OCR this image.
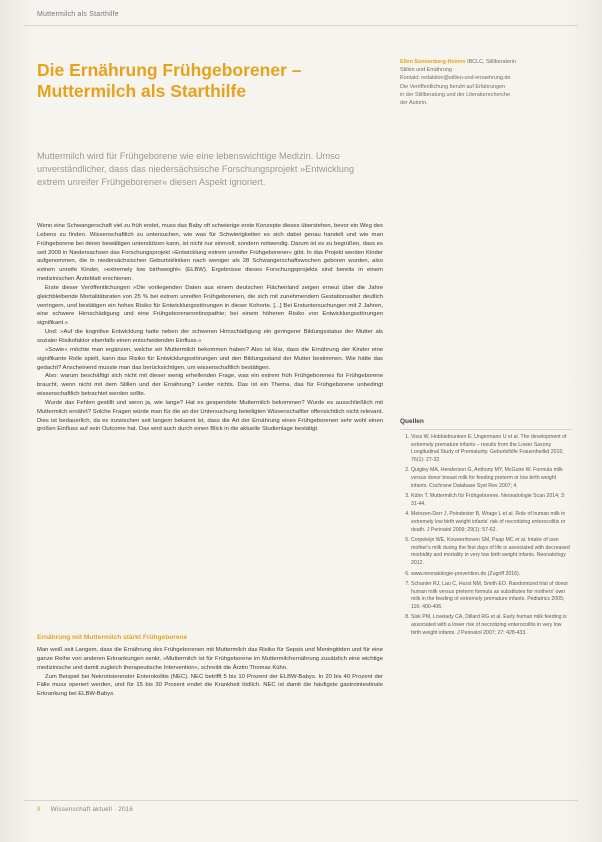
Muttermilch als Starthilfe
Die Ernährung Frühgeborener –
Muttermilch als Starthilfe
Muttermilch wird für Frühgeborene wie eine lebenswichtige Medizin. Umso unverständlicher, dass das niedersächsische Forschungsprojekt »Entwicklung extrem unreifer Frühgeborener« diesen Aspekt ignoriert.
Ellen Sonnenberg-Heinen IBCLC, Stillberaterin
Stillen und Ernährung
Kontakt: redaktion@stillen-und-ernaehrung.de
Die Veröffentlichung beruht auf Erfahrungen
in der Stillberatung und der Literaturrecherche
der Autorin.

Wenn eine Schwangerschaft viel zu früh endet, muss das Baby oft schwierige erste Konzepte dieses überstehen, bevor ein Weg des Lebens zu finden. Wissenschaftlich zu untersuchen, wie was für Schwierigkeiten es sich dabei genau handelt und wie man Frühgeborene bei deren bewältigen unterstützen kann, ist nicht nur sinnvoll, sondern notwendig. Darum ist es zu begrüßen, dass es seit 2009 in Niedersachsen das Forschungsprojekt »Entwicklung extrem unreifer Frühgeborener« gibt. In das Projekt werden Kinder aufgenommen, die in niedersächsischen Geburtskliniken nach weniger als 28 Schwangerschaftswochen geboren wurden, also extrem unreife Kinder, »extremely low birthweight« (ELBW). Ergebnisse dieses Forschungsprojekts sind bereits in einem medizinischen Ärzteblatt erschienen.

Erste dieser Veröffentlichungen »Die vorliegenden Daten aus einem deutschen Flächenland zeigen erneut über die Jahre gleichbleibende Mortalitätsraten von 25 % bei extrem unreifen Frühgeborenen, die sich mit zunehmendem Gestationsalter deutlich verringern, und bestätigen ein hohes Risiko für Entwicklungsstörungen in dieser Kohorte. [...] Bei Erstuntersuchungen mit 2 Jahren, eine schwere Hirnschädigung und eine Frühgeborenenretinopathie; bei einem höheren Risiko von Entwicklungsstörungen signifikant.«

Und: »Auf die kognitive Entwicklung hatte neben der schweren Hirnschädigung ein geringerer Bildungsstatus der Mutter als sozialer Risikofaktor ebenfalls einen entscheidenden Einfluss.«

»Sowie« möchte man ergänzen, welche wir Muttermilch bekommen haben? Also ist klar, dass die Ernährung der Kinder eine signifikante Rolle spielt, kann das Risiko für Entwicklungsstörungen und den Bildungsstand der Mutter bestimmen. Wie hätte das gedacht? Anscheinend musste man das berücksichtigen, um wissenschaftlich bestätigen.

Also: warum beschäftigt sich nicht mit dieser wenig erhellenden Frage, was ein extrem früh Frühgeborenes für Frühgeborene braucht, wenn nicht mit dem Stillen und der Ernährung? Leider nichts. Das ist ein Thema, das für Frühgeborene unbedingt wissenschaftlich betrachtet werden sollte.

Wurde das Fehlen gestillt und wenn ja, wie lange? Hat es gespendete Muttermilch bekommen? Wurde es ausschließlich mit Muttermilch ernährt? Solche Fragen würde man für die an der Untersuchung beteiligten Wissenschaftler offensichtlich nicht relevant. Dies ist bedauerlich, da es inzwischen seit langem bekannt ist, dass die Art der Ernährung eines Frühgeborenen sehr wohl einen großen Einfluss auf sein Outcome hat. Das wird auch durch einen Blick in die aktuelle Studienlage bestätigt.

Ernährung mit Muttermilch stärkt Frühgeborene

Man weiß seit Langem, dass die Ernährung des Frühgeborenen mit Muttermilch das Risiko für Sepsis und Meningitiden und für eine ganze Reihe von anderen Erkrankungen senkt. »Muttermilch ist für Frühgeborene im Muttermilchernährung zusätzlich eine wichtige medizinische und damit zugleich therapeutische Intervention«, schreibt die Ärztin Thomas Kühn.

Zum Beispiel bei Nekrotisierender Enterokolitis (NEC). NEC betrifft 5 bis 10 Prozent der ELBW-Babys. In 20 bis 40 Prozent der Fälle muss operiert werden, und für 15 bis 30 Prozent endet die Krankheit tödlich. NEC ist damit die häufigste gastrointestinale Erkrankung bei ELBW-Babys.

Quellen
1. Voss W, Hobbiebrunken E, Ungermann U et al. The development of extremely premature infants – results from the Lower Saxony Longitudinal Study of Prematurity. Geburtshilfe Frauenheilkd 2016; 76(1): 27-32.
2. Quigley MA, Henderson G, Anthony MY, McGuire W. Formula milk versus donor breast milk for feeding preterm or low birth weight infants. Cochrane Database Syst Rev 2007; 4.
3. Kühn T. Muttermilch für Frühgeborene. Neonatologie Scan 2014; 3: 31-44.
4. Meinzen-Derr J, Poindexter B, Wrage L et al. Role of human milk in extremely low birth weight infants' risk of necrotizing enterocolitis or death. J Perinatol 2009; 29(1): 57-62.
5. Corpeleijn WE, Kouwenhoven SM, Paap MC et al. Intake of own mother's milk during the first days of life is associated with decreased morbidity and mortality in very low birth weight infants. Neonatology 2012.
6. www.neonatologie-prevention.de (Zugriff 2016).
7. Schanler RJ, Lau C, Hurst NM, Smith EO. Randomized trial of donor human milk versus preterm formula as substitutes for mothers' own milk in the feeding of extremely premature infants. Pediatrics 2005; 116: 400-406.
8. Sisk PM, Lovelady CA, Dillard RG et al. Early human milk feeding is associated with a lower risk of necrotizing enterocolitis in very low birth weight infants. J Perinatol 2007; 27: 428-433.
8 Wissenschaft aktuell · 2016
